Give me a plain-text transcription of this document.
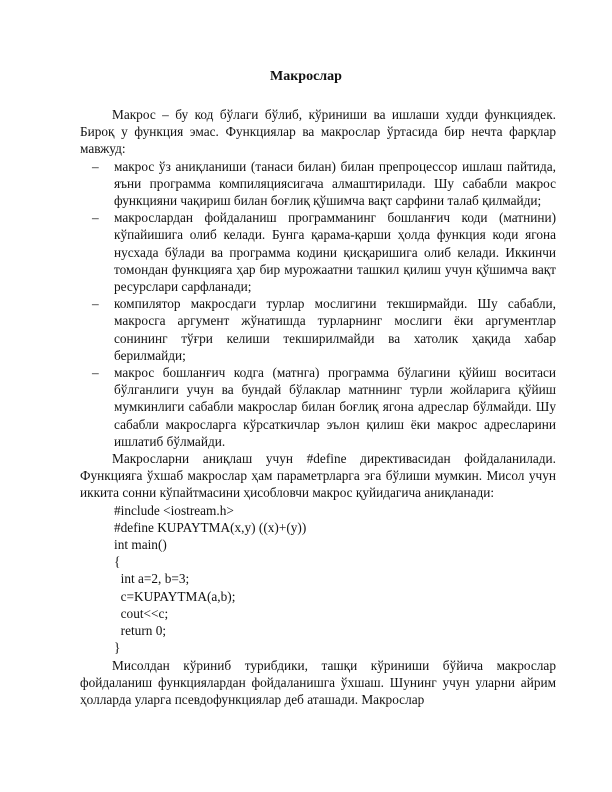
Макрослар

Макрос – бу код бўлаги бўлиб, кўриниши ва ишлаши худди функциядек. Бироқ у функция эмас. Функциялар ва макрослар ўртасида бир нечта фарқлар мавжуд:

– макрос ўз аниқланиши (танаси билан) билан препроцессор ишлаш пайтида, яъни программа компиляциясигача алмаштирилади. Шу сабабли макрос функцияни чақириш билан боғлиқ қўшимча вақт сарфини талаб қилмайди;
– макрослардан фойдаланиш программанинг бошланғич коди (матнини) кўпайишига олиб келади. Бунга қарама-қарши ҳолда функция коди ягона нусхада бўлади ва программа кодини қисқаришига олиб келади. Иккинчи томондан функцияга ҳар бир мурожаатни ташкил қилиш учун қўшимча вақт ресурслари сарфланади;
– компилятор макросдаги турлар мослигини текширмайди. Шу сабабли, макросга аргумент жўнатишда турларнинг мослиги ёки аргументлар сонининг тўғри келиши текширилмайди ва хатолик ҳақида хабар берилмайди;
– макрос бошланғич кодга (матнга) программа бўлагини қўйиш воситаси бўлганлиги учун ва бундай бўлаклар матннинг турли жойларига қўйиш мумкинлиги сабабли макрослар билан боғлиқ ягона адреслар бўлмайди. Шу сабабли макросларга кўрсаткичлар эълон қилиш ёки макрос адресларини ишлатиб бўлмайди.

Макросларни аниқлаш учун #define директивасидан фойдаланилади. Функцияга ўхшаб макрослар ҳам параметрларга эга бўлиши мумкин. Мисол учун иккита сонни кўпайтмасини ҳисобловчи макрос қуйидагича аниқланади:

#include <iostream.h>
#define KUPAYTMA(x,y) ((x)+(y))
int main()
{
int a=2, b=3;
c=KUPAYTMA(a,b);
cout<<c;
return 0;
}

Мисолдан кўриниб турибдики, ташқи кўриниши бўйича макрослар фойдаланиш функциялардан фойдаланишга ўхшаш. Шунинг учун уларни айрим ҳолларда уларга псевдофункциялар деб аташади. Макрослар
